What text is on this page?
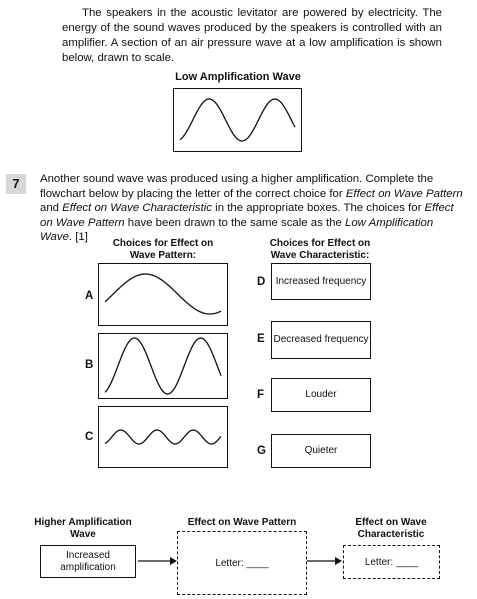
The speakers in the acoustic levitator are powered by electricity. The energy of the sound waves produced by the speakers is controlled with an amplifier. A section of an air pressure wave at a low amplification is shown below, drawn to scale.
Low Amplification Wave
7	Another sound wave was produced using a higher amplification. Complete the flowchart below by placing the letter of the correct choice for Effect on Wave Pattern and Effect on Wave Characteristic in the appropriate boxes. The choices for Effect on Wave Pattern have been drawn to the same scale as the Low Amplification Wave. [1]
Choices for Effect on Wave Pattern:
Choices for Effect on Wave Characteristic:
A
B
C
D	Increased frequency
E Decreased frequency
F	Louder
G	Quieter
Higher Amplification Wave
Effect on Wave Pattern	Effect on Wave Characteristic
Increased amplification	Letter: ____	Letter: ____
